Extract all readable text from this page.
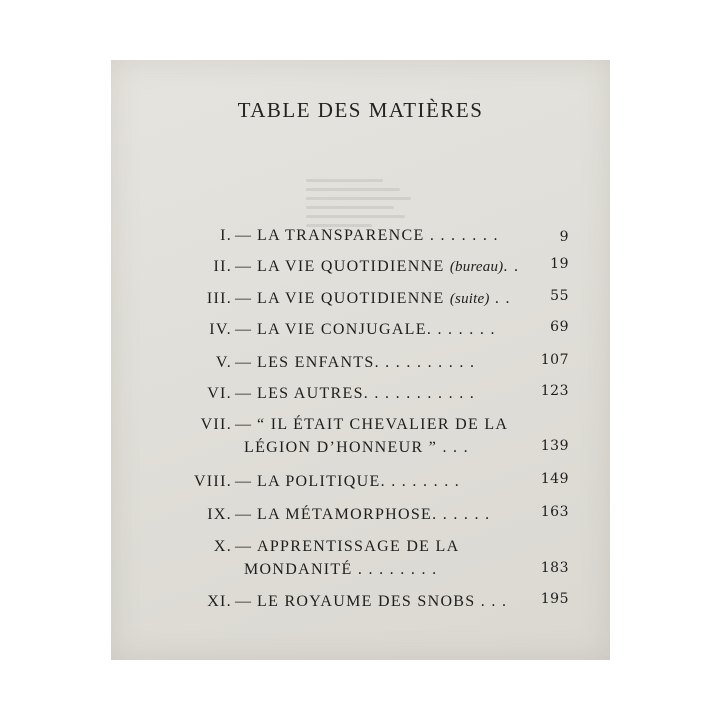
TABLE DES MATIÈRES
I. — LA TRANSPARENCE . . . . . . .	9
II. — LA VIE QUOTIDIENNE (bureau). . 19
III. — LA VIE QUOTIDIENNE (suite) . .	55
IV. — LA VIE CONJUGALE. . . . . . .	69
V. — LES ENFANTS. . . . . . . . . .	107
VI. — LES AUTRES. . . . . . . . . . .	123
VII. — “ IL ÉTAIT CHEVALIER DE LA
LÉGION D’HONNEUR ” . . .	139
VIII. — LA POLITIQUE. . . . . . . .	149
IX. — LA MÉTAMORPHOSE. . . . . .	163
X. — APPRENTISSAGE DE LA
MONDANITÉ . . . . . . . .	183
XI. — LE ROYAUME DES SNOBS . . . 195
